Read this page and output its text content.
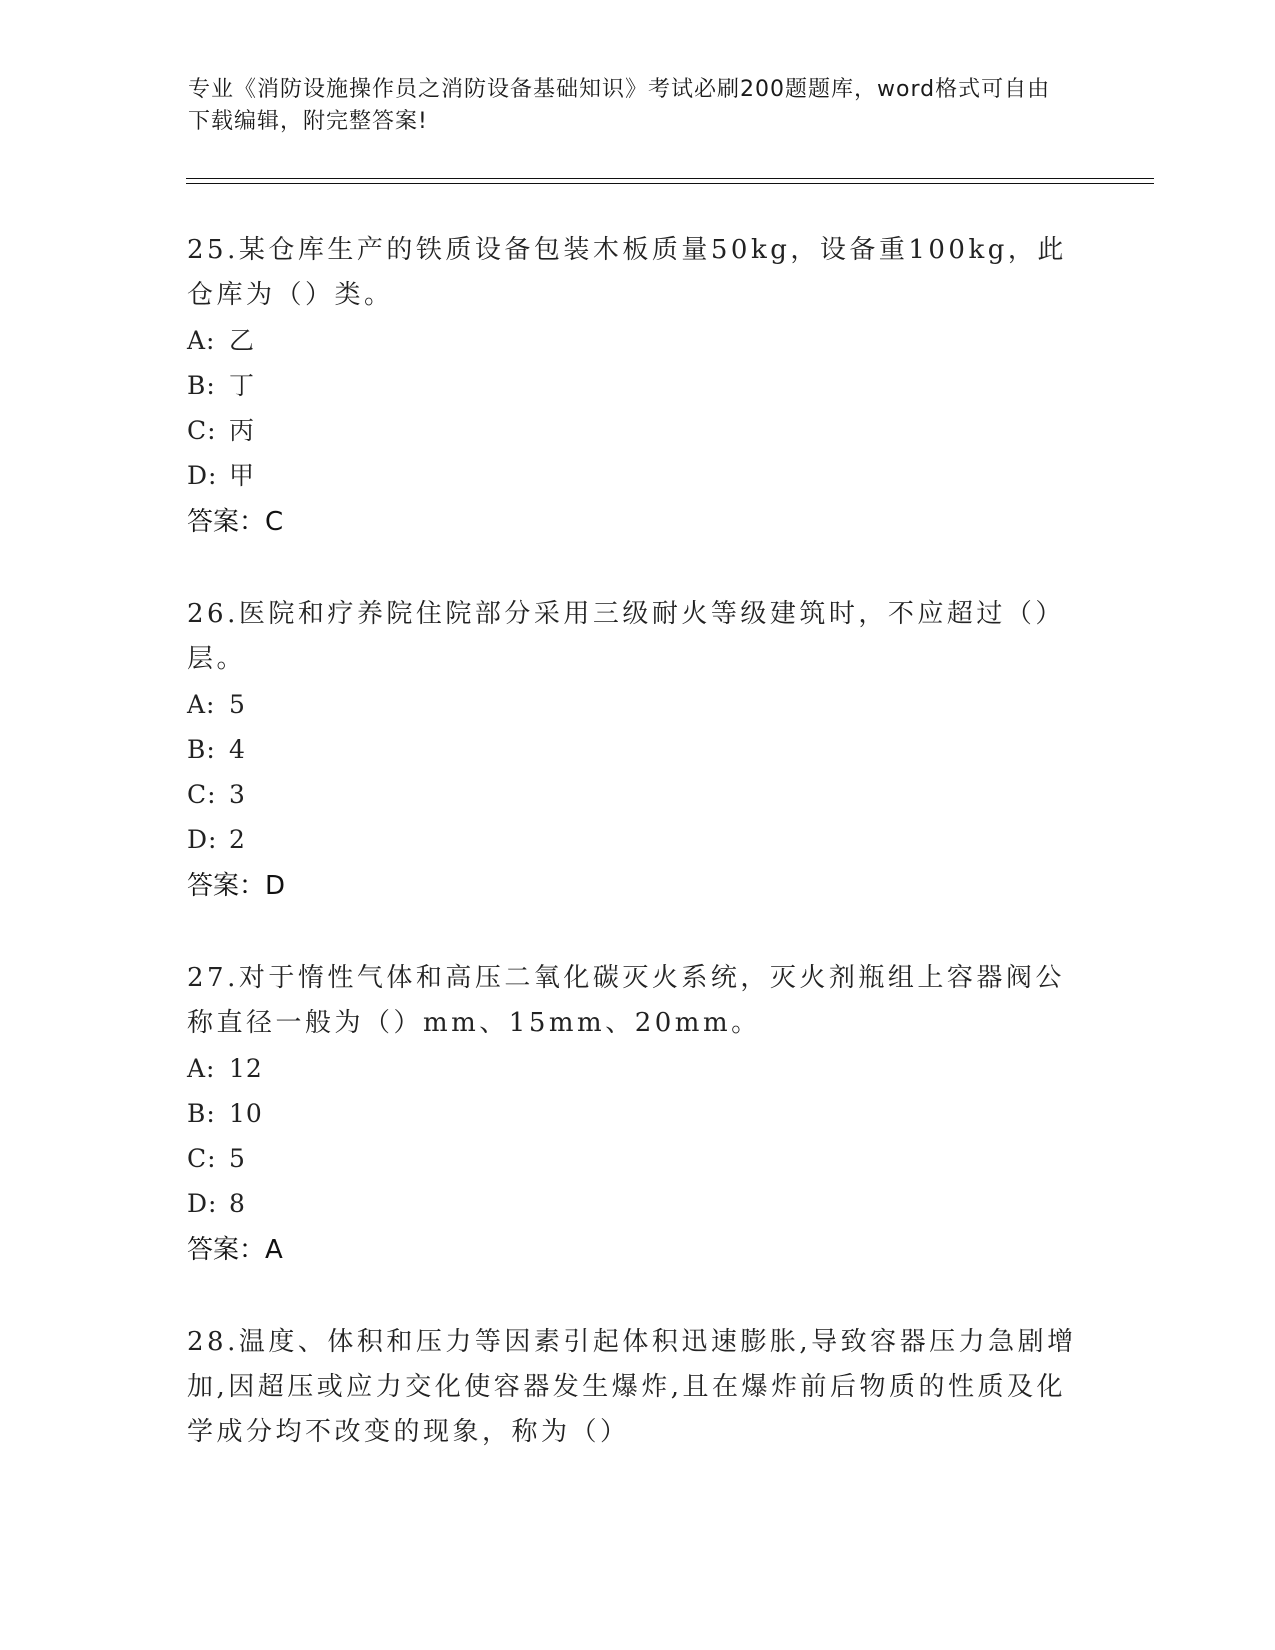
专业《消防设施操作员之消防设备基础知识》考试必刷200题题库，word格式可自由下载编辑，附完整答案!
25.某仓库生产的铁质设备包装木板质量50kg，设备重100kg，此仓库为（）类。
A: 乙
B: 丁
C: 丙
D: 甲
答案：C
26.医院和疗养院住院部分采用三级耐火等级建筑时，不应超过（）层。
A: 5
B: 4
C: 3
D: 2
答案：D
27.对于惰性气体和高压二氧化碳灭火系统，灭火剂瓶组上容器阀公称直径一般为（）mm、15mm、20mm。
A: 12
B: 10
C: 5
D: 8
答案：A
28.温度、体积和压力等因素引起体积迅速膨胀,导致容器压力急剧增加,因超压或应力交化使容器发生爆炸,且在爆炸前后物质的性质及化学成分均不改变的现象，称为（）
